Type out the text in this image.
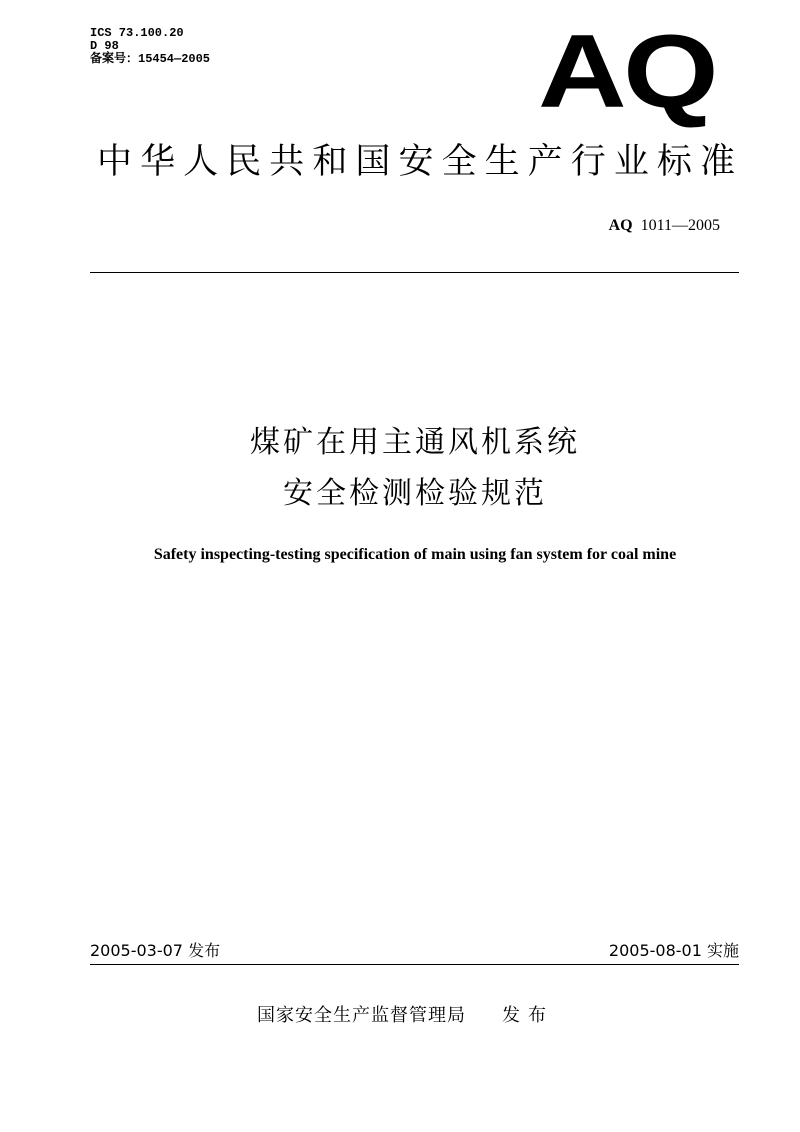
ICS 73.100.20
D 98
备案号：15454—2005	AQ
中华人民共和国安全生产行业标准
AQ 1011—2005
煤矿在用主通风机系统
安全检测检验规范
Safety inspecting-testing specification of main using fan system for coal mine
2005-03-07 发布	2005-08-01 实施
国家安全生产监督管理局 发布
